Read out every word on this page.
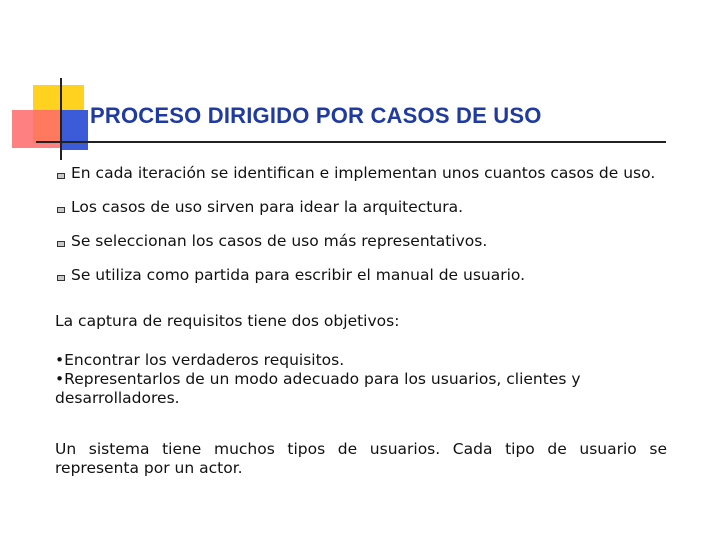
PROCESO DIRIGIDO POR CASOS DE USO
En cada iteración se identifican e implementan unos cuantos casos de uso.
Los casos de uso sirven para idear la arquitectura.
Se seleccionan los casos de uso más representativos.
Se utiliza como partida para escribir el manual de usuario.

La captura de requisitos tiene dos objetivos:

•Encontrar los verdaderos requisitos.
•Representarlos de un modo adecuado para los usuarios, clientes y desarrolladores.

Un sistema tiene muchos tipos de usuarios. Cada tipo de usuario se representa por un actor.
